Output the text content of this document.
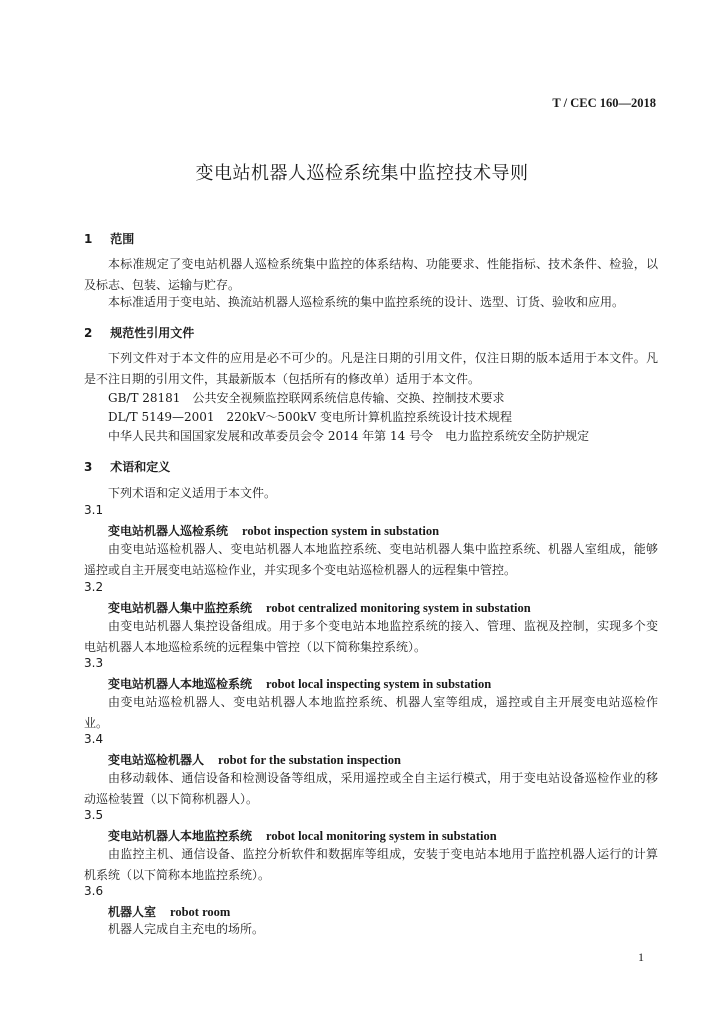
T / CEC 160—2018
变电站机器人巡检系统集中监控技术导则
1 范围
本标准规定了变电站机器人巡检系统集中监控的体系结构、功能要求、性能指标、技术条件、检验，以及标志、包装、运输与贮存。
本标准适用于变电站、换流站机器人巡检系统的集中监控系统的设计、选型、订货、验收和应用。
2 规范性引用文件
下列文件对于本文件的应用是必不可少的。凡是注日期的引用文件，仅注日期的版本适用于本文件。凡是不注日期的引用文件，其最新版本（包括所有的修改单）适用于本文件。
GB/T 28181　公共安全视频监控联网系统信息传输、交换、控制技术要求
DL/T 5149—2001　220kV～500kV 变电所计算机监控系统设计技术规程
中华人民共和国国家发展和改革委员会令 2014 年第 14 号令　电力监控系统安全防护规定
3 术语和定义
下列术语和定义适用于本文件。
3.1
变电站机器人巡检系统 robot inspection system in substation
由变电站巡检机器人、变电站机器人本地监控系统、变电站机器人集中监控系统、机器人室组成，能够遥控或自主开展变电站巡检作业，并实现多个变电站巡检机器人的远程集中管控。
3.2
变电站机器人集中监控系统 robot centralized monitoring system in substation
由变电站机器人集控设备组成。用于多个变电站本地监控系统的接入、管理、监视及控制，实现多个变电站机器人本地巡检系统的远程集中管控（以下简称集控系统）。
3.3
变电站机器人本地巡检系统 robot local inspecting system in substation
由变电站巡检机器人、变电站机器人本地监控系统、机器人室等组成，遥控或自主开展变电站巡检作业。
3.4
变电站巡检机器人 robot for the substation inspection
由移动载体、通信设备和检测设备等组成，采用遥控或全自主运行模式，用于变电站设备巡检作业的移动巡检装置（以下简称机器人）。
3.5
变电站机器人本地监控系统 robot local monitoring system in substation
由监控主机、通信设备、监控分析软件和数据库等组成，安装于变电站本地用于监控机器人运行的计算机系统（以下简称本地监控系统）。
3.6
机器人室 robot room
机器人完成自主充电的场所。
1
